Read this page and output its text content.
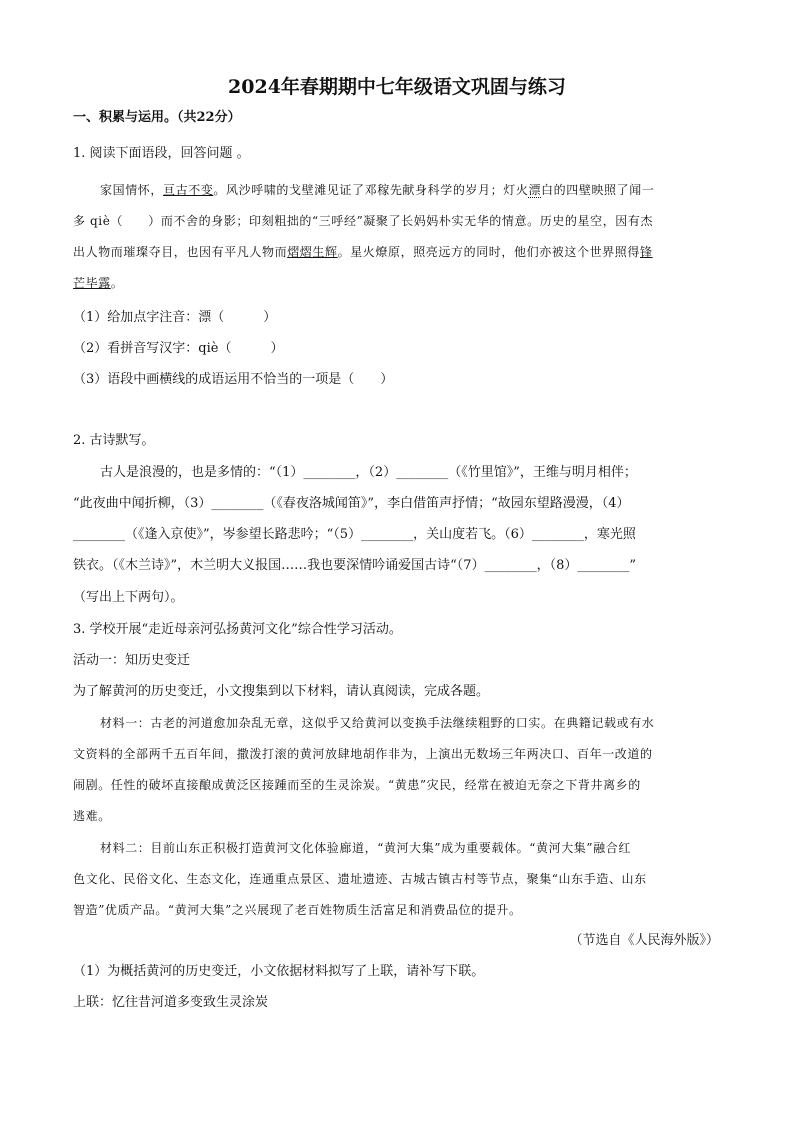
2024年春期期中七年级语文巩固与练习
一、积累与运用。（共22分）
1. 阅读下面语段，回答问题 。
家国情怀，亘古不变。风沙呼啸的戈壁滩见证了邓稼先献身科学的岁月；灯火漂白的四壁映照了闻一
多 qiè（　　）而不舍的身影；印刻粗拙的“三呼经”凝聚了长妈妈朴实无华的情意。历史的星空，因有杰
出人物而璀璨夺目，也因有平凡人物而熠熠生辉。星火燎原，照亮远方的同时，他们亦被这个世界照得锋
芒毕露。
（1）给加点字注音：漂（　　　）
（2）看拼音写汉字：qiè（　　　）
（3）语段中画横线的成语运用不恰当的一项是（　　）
2. 古诗默写。
古人是浪漫的，也是多情的：“（1）________，（2）________（《竹里馆》”，王维与明月相伴；
“此夜曲中闻折柳，（3）________（《春夜洛城闻笛》”，李白借笛声抒情；“故园东望路漫漫，（4）
________（《逢入京使》”，岑参望长路悲吟；“（5）________，关山度若飞。（6）________，寒光照
铁衣。（《木兰诗》”，木兰明大义报国……我也要深情吟诵爱国古诗“（7）________，（8）________”
（写出上下两句）。
3. 学校开展“走近母亲河弘扬黄河文化”综合性学习活动。
活动一：知历史变迁
为了解黄河的历史变迁，小文搜集到以下材料，请认真阅读，完成各题。
材料一：古老的河道愈加杂乱无章，这似乎又给黄河以变换手法继续粗野的口实。在典籍记载或有水
文资料的全部两千五百年间，撒泼打滚的黄河放肆地胡作非为，上演出无数场三年两决口、百年一改道的
闹剧。任性的破坏直接酿成黄泛区接踵而至的生灵涂炭。“黄患”灾民，经常在被迫无奈之下背井离乡的
逃难。
材料二：目前山东正积极打造黄河文化体验廊道，“黄河大集”成为重要载体。“黄河大集”融合红
色文化、民俗文化、生态文化，连通重点景区、遗址遗迹、古城古镇古村等节点，聚集“山东手造、山东
智造”优质产品。“黄河大集”之兴展现了老百姓物质生活富足和消费品位的提升。
（节选自《人民海外版》）
（1）为概括黄河的历史变迁，小文依据材料拟写了上联，请补写下联。
上联：忆往昔河道多变致生灵涂炭
